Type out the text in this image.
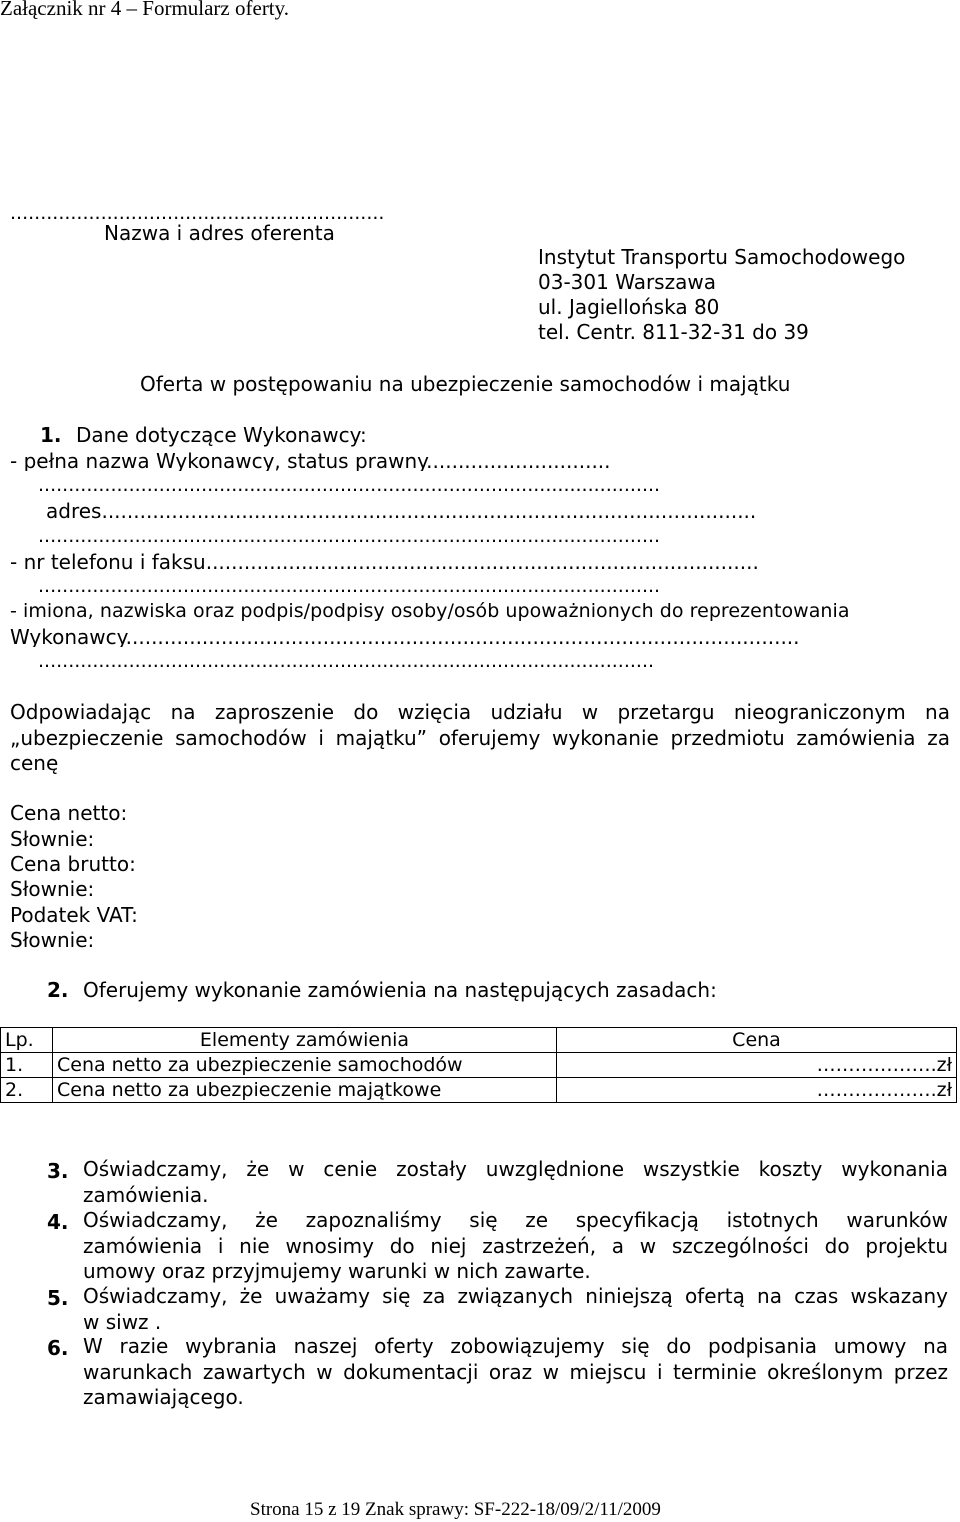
Załącznik nr 4 – Formularz oferty.
..............................................................
Nazwa i adres oferenta
Instytut Transportu Samochodowego
03-301 Warszawa
ul. Jagiellońska 80
tel. Centr. 811-32-31 do 39
Oferta w postępowaniu na ubezpieczenie samochodów i majątku
1. Dane dotyczące Wykonawcy:
- pełna nazwa Wykonawcy, status prawny.............................
.......................................................................................................
adres.......................................................................................................
.......................................................................................................
- nr telefonu i faksu.......................................................................................
.......................................................................................................
- imiona, nazwiska oraz podpis/podpisy osoby/osób upoważnionych do reprezentowania
Wykonawcy..........................................................................................................
......................................................................................................
Odpowiadając na zaproszenie do wzięcia udziału w przetargu nieograniczonym na
„ubezpieczenie samochodów i majątku” oferujemy wykonanie przedmiotu zamówienia za
cenę
Cena netto:
Słownie:
Cena brutto:
Słownie:
Podatek VAT:
Słownie:
2. Oferujemy wykonanie zamówienia na następujących zasadach:
Lp.	Elementy zamówienia	Cena
1.	Cena netto za ubezpieczenie samochodów	……………….zł
2.	Cena netto za ubezpieczenie majątkowe	……………….zł
3. Oświadczamy, że w cenie zostały uwzględnione wszystkie koszty wykonania
zamówienia.
4. Oświadczamy, że zapoznaliśmy się ze specyfikacją istotnych warunków
zamówienia i nie wnosimy do niej zastrzeżeń, a w szczególności do projektu
umowy oraz przyjmujemy warunki w nich zawarte.
5. Oświadczamy, że uważamy się za związanych niniejszą ofertą na czas wskazany
w siwz .
6. W razie wybrania naszej oferty zobowiązujemy się do podpisania umowy na
warunkach zawartych w dokumentacji oraz w miejscu i terminie określonym przez
zamawiającego.
Strona 15 z 19 Znak sprawy: SF-222-18/09/2/11/2009
